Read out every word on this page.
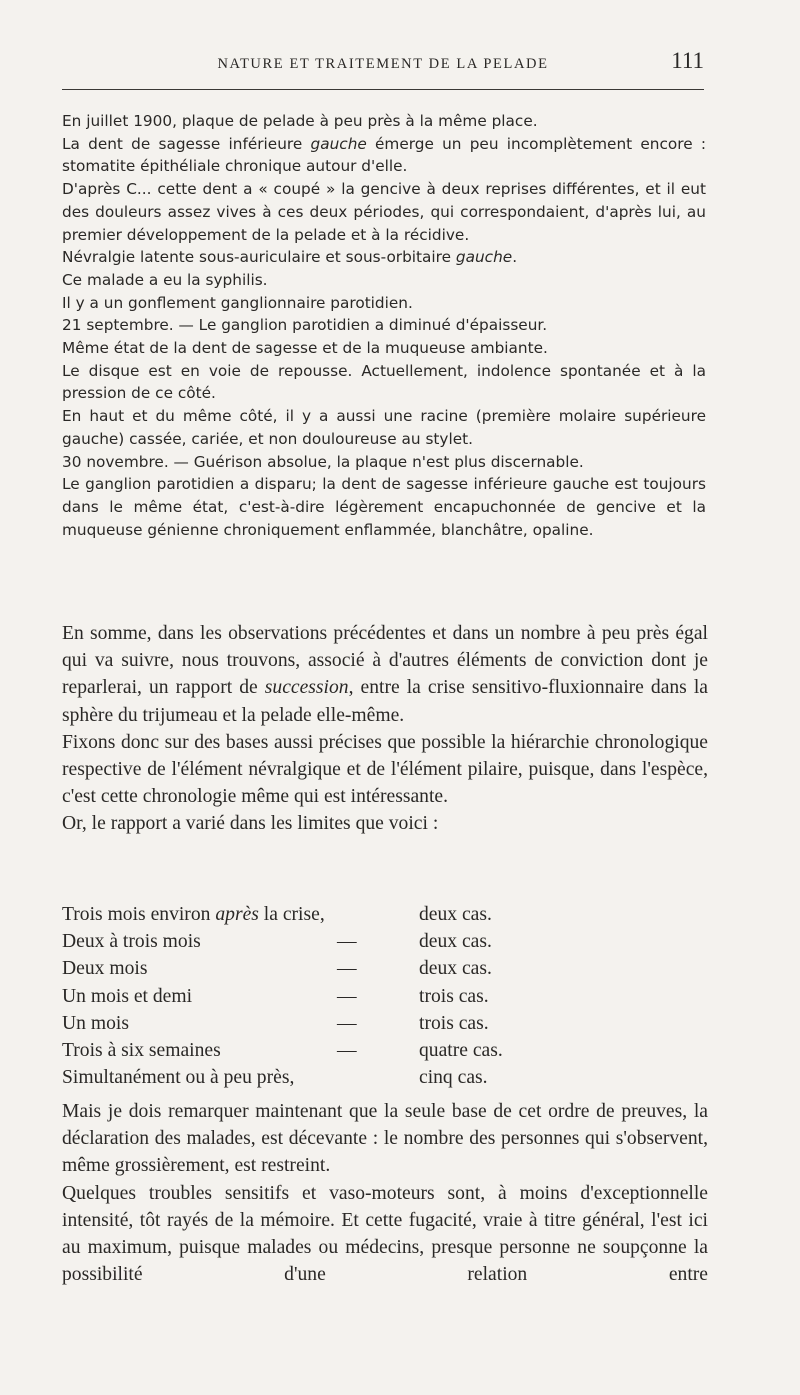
NATURE ET TRAITEMENT DE LA PELADE	111

En juillet 1900, plaque de pelade à peu près à la même place.

La dent de sagesse inférieure gauche émerge un peu incomplètement encore : stomatite épithéliale chronique autour d'elle.

D'après C... cette dent a « coupé » la gencive à deux reprises différentes, et il eut des douleurs assez vives à ces deux périodes, qui correspondaient, d'après lui, au premier développement de la pelade et à la récidive.

Névralgie latente sous-auriculaire et sous-orbitaire gauche.

Ce malade a eu la syphilis.

Il y a un gonflement ganglionnaire parotidien.

21 septembre. — Le ganglion parotidien a diminué d'épaisseur.

Même état de la dent de sagesse et de la muqueuse ambiante.

Le disque est en voie de repousse. Actuellement, indolence spontanée et à la pression de ce côté.

En haut et du même côté, il y a aussi une racine (première molaire supérieure gauche) cassée, cariée, et non douloureuse au stylet.

30 novembre. — Guérison absolue, la plaque n'est plus discernable.

Le ganglion parotidien a disparu; la dent de sagesse inférieure gauche est toujours dans le même état, c'est-à-dire légèrement encapuchonnée de gencive et la muqueuse génienne chroniquement enflammée, blanchâtre, opaline.

En somme, dans les observations précédentes et dans un nombre à peu près égal qui va suivre, nous trouvons, associé à d'autres éléments de conviction dont je reparlerai, un rapport de succession, entre la crise sensitivo-fluxionnaire dans la sphère du trijumeau et la pelade elle-même.

Fixons donc sur des bases aussi précises que possible la hiérarchie chronologique respective de l'élément névralgique et de l'élément pilaire, puisque, dans l'espèce, c'est cette chronologie même qui est intéressante.

Or, le rapport a varié dans les limites que voici :

Trois mois environ après la crise,	deux cas.
Deux à trois mois	—	deux cas.
Deux mois	—	deux cas.
Un mois et demi	—	trois cas.
Un mois	—	trois cas.
Trois à six semaines	—	quatre cas.
Simultanément ou à peu près,	cinq cas.

Mais je dois remarquer maintenant que la seule base de cet ordre de preuves, la déclaration des malades, est décevante : le nombre des personnes qui s'observent, même grossièrement, est restreint.

Quelques troubles sensitifs et vaso-moteurs sont, à moins d'exceptionnelle intensité, tôt rayés de la mémoire. Et cette fugacité, vraie à titre général, l'est ici au maximum, puisque malades ou médecins, presque personne ne soupçonne la possibilité d'une relation entre
